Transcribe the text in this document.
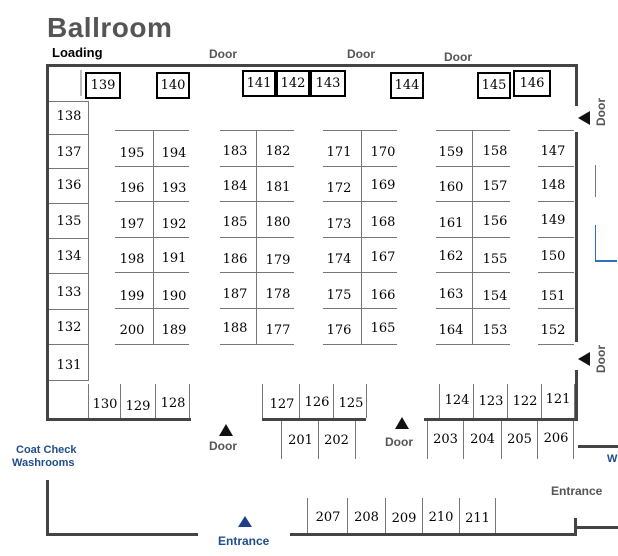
Ballroom
Loading	Door	Door	Door
139	140	141 142 143	144	145	146
138
137
136
135
134
133
132
131
195	194
196	193
197	192
198	191
199	190
200	189
183	182
184	181
185	180
186	179
187	178
188	177
171	170
172	169
173	168
174	167
175	166
176	165
159	158
160	157
161	156
162	155
163	154
164	153
147
148
149
150
151
152
Door
Door
130 129 128	127 126 125	124 123 122 121
Door	Door
201 202	203 204 205 206
207	208 209 210 211
Coat Check
Washrooms	W
Entrance
Entrance
